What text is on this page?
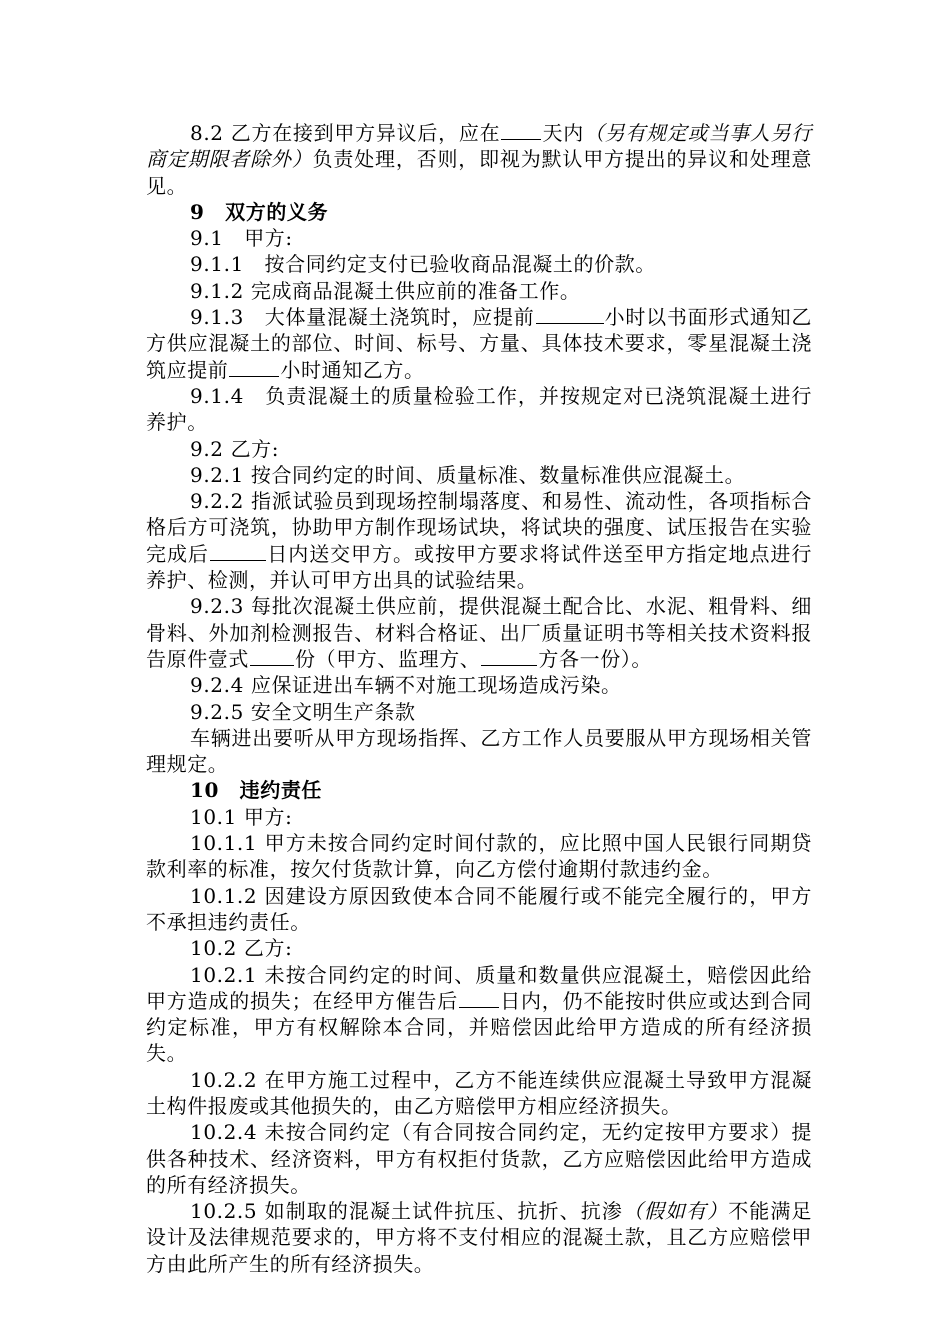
8.2 乙方在接到甲方异议后，应在 天内（另有规定或当事人另行商定期限者除外）负责处理，否则，即视为默认甲方提出的异议和处理意见。

9　双方的义务

9.1　甲方:

9.1.1　按合同约定支付已验收商品混凝土的价款。

9.1.2 完成商品混凝土供应前的准备工作。

9.1.3　大体量混凝土浇筑时，应提前	小时以书面形式通知乙方供应混凝土的部位、时间、标号、方量、具体技术要求，零星混凝土浇筑应提前	小时通知乙方。

9.1.4　负责混凝土的质量检验工作，并按规定对已浇筑混凝土进行养护。

9.2 乙方:

9.2.1 按合同约定的时间、质量标准、数量标准供应混凝土。

9.2.2 指派试验员到现场控制塌落度、和易性、流动性，各项指标合格后方可浇筑，协助甲方制作现场试块，将试块的强度、试压报告在实验完成后	日内送交甲方。或按甲方要求将试件送至甲方指定地点进行养护、检测，并认可甲方出具的试验结果。

9.2.3 每批次混凝土供应前，提供混凝土配合比、水泥、粗骨料、细骨料、外加剂检测报告、材料合格证、出厂质量证明书等相关技术资料报告原件壹式 份（甲方、监理方、	方各一份）。

9.2.4 应保证进出车辆不对施工现场造成污染。

9.2.5 安全文明生产条款

车辆进出要听从甲方现场指挥、乙方工作人员要服从甲方现场相关管理规定。

10　违约责任

10.1 甲方:

10.1.1 甲方未按合同约定时间付款的，应比照中国人民银行同期贷款利率的标准，按欠付货款计算，向乙方偿付逾期付款违约金。

10.1.2 因建设方原因致使本合同不能履行或不能完全履行的，甲方不承担违约责任。

10.2 乙方:

10.2.1 未按合同约定的时间、质量和数量供应混凝土，赔偿因此给甲方造成的损失；在经甲方催告后 日内，仍不能按时供应或达到合同约定标准，甲方有权解除本合同，并赔偿因此给甲方造成的所有经济损失。

10.2.2 在甲方施工过程中，乙方不能连续供应混凝土导致甲方混凝土构件报废或其他损失的，由乙方赔偿甲方相应经济损失。

10.2.4 未按合同约定（有合同按合同约定，无约定按甲方要求）提供各种技术、经济资料，甲方有权拒付货款，乙方应赔偿因此给甲方造成的所有经济损失。

10.2.5 如制取的混凝土试件抗压、抗折、抗渗（假如有）不能满足设计及法律规范要求的，甲方将不支付相应的混凝土款，且乙方应赔偿甲方由此所产生的所有经济损失。
